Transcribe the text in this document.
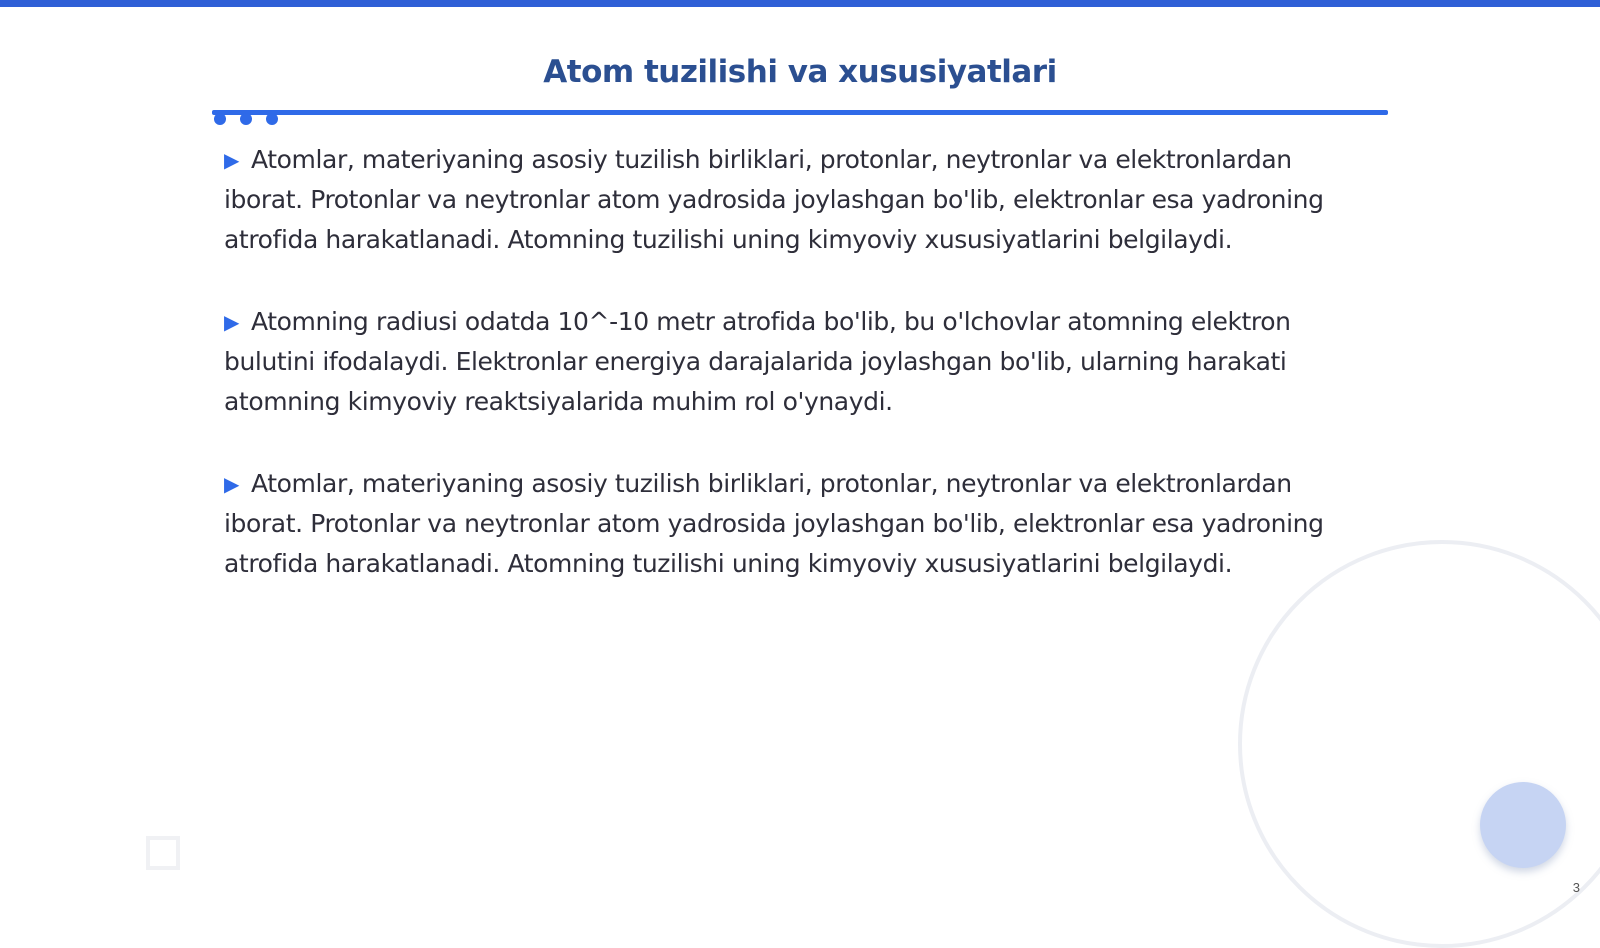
Atom tuzilishi va xususiyatlari

▶ Atomlar, materiyaning asosiy tuzilish birliklari, protonlar, neytronlar va elektronlardan iborat. Protonlar va neytronlar atom yadrosida joylashgan bo'lib, elektronlar esa yadroning atrofida harakatlanadi. Atomning tuzilishi uning kimyoviy xususiyatlarini belgilaydi.

▶ Atomning radiusi odatda 10^-10 metr atrofida bo'lib, bu o'lchovlar atomning elektron bulutini ifodalaydi. Elektronlar energiya darajalarida joylashgan bo'lib, ularning harakati atomning kimyoviy reaktsiyalarida muhim rol o'ynaydi.

▶ Atomlar, materiyaning asosiy tuzilish birliklari, protonlar, neytronlar va elektronlardan iborat. Protonlar va neytronlar atom yadrosida joylashgan bo'lib, elektronlar esa yadroning atrofida harakatlanadi. Atomning tuzilishi uning kimyoviy xususiyatlarini belgilaydi.

3
